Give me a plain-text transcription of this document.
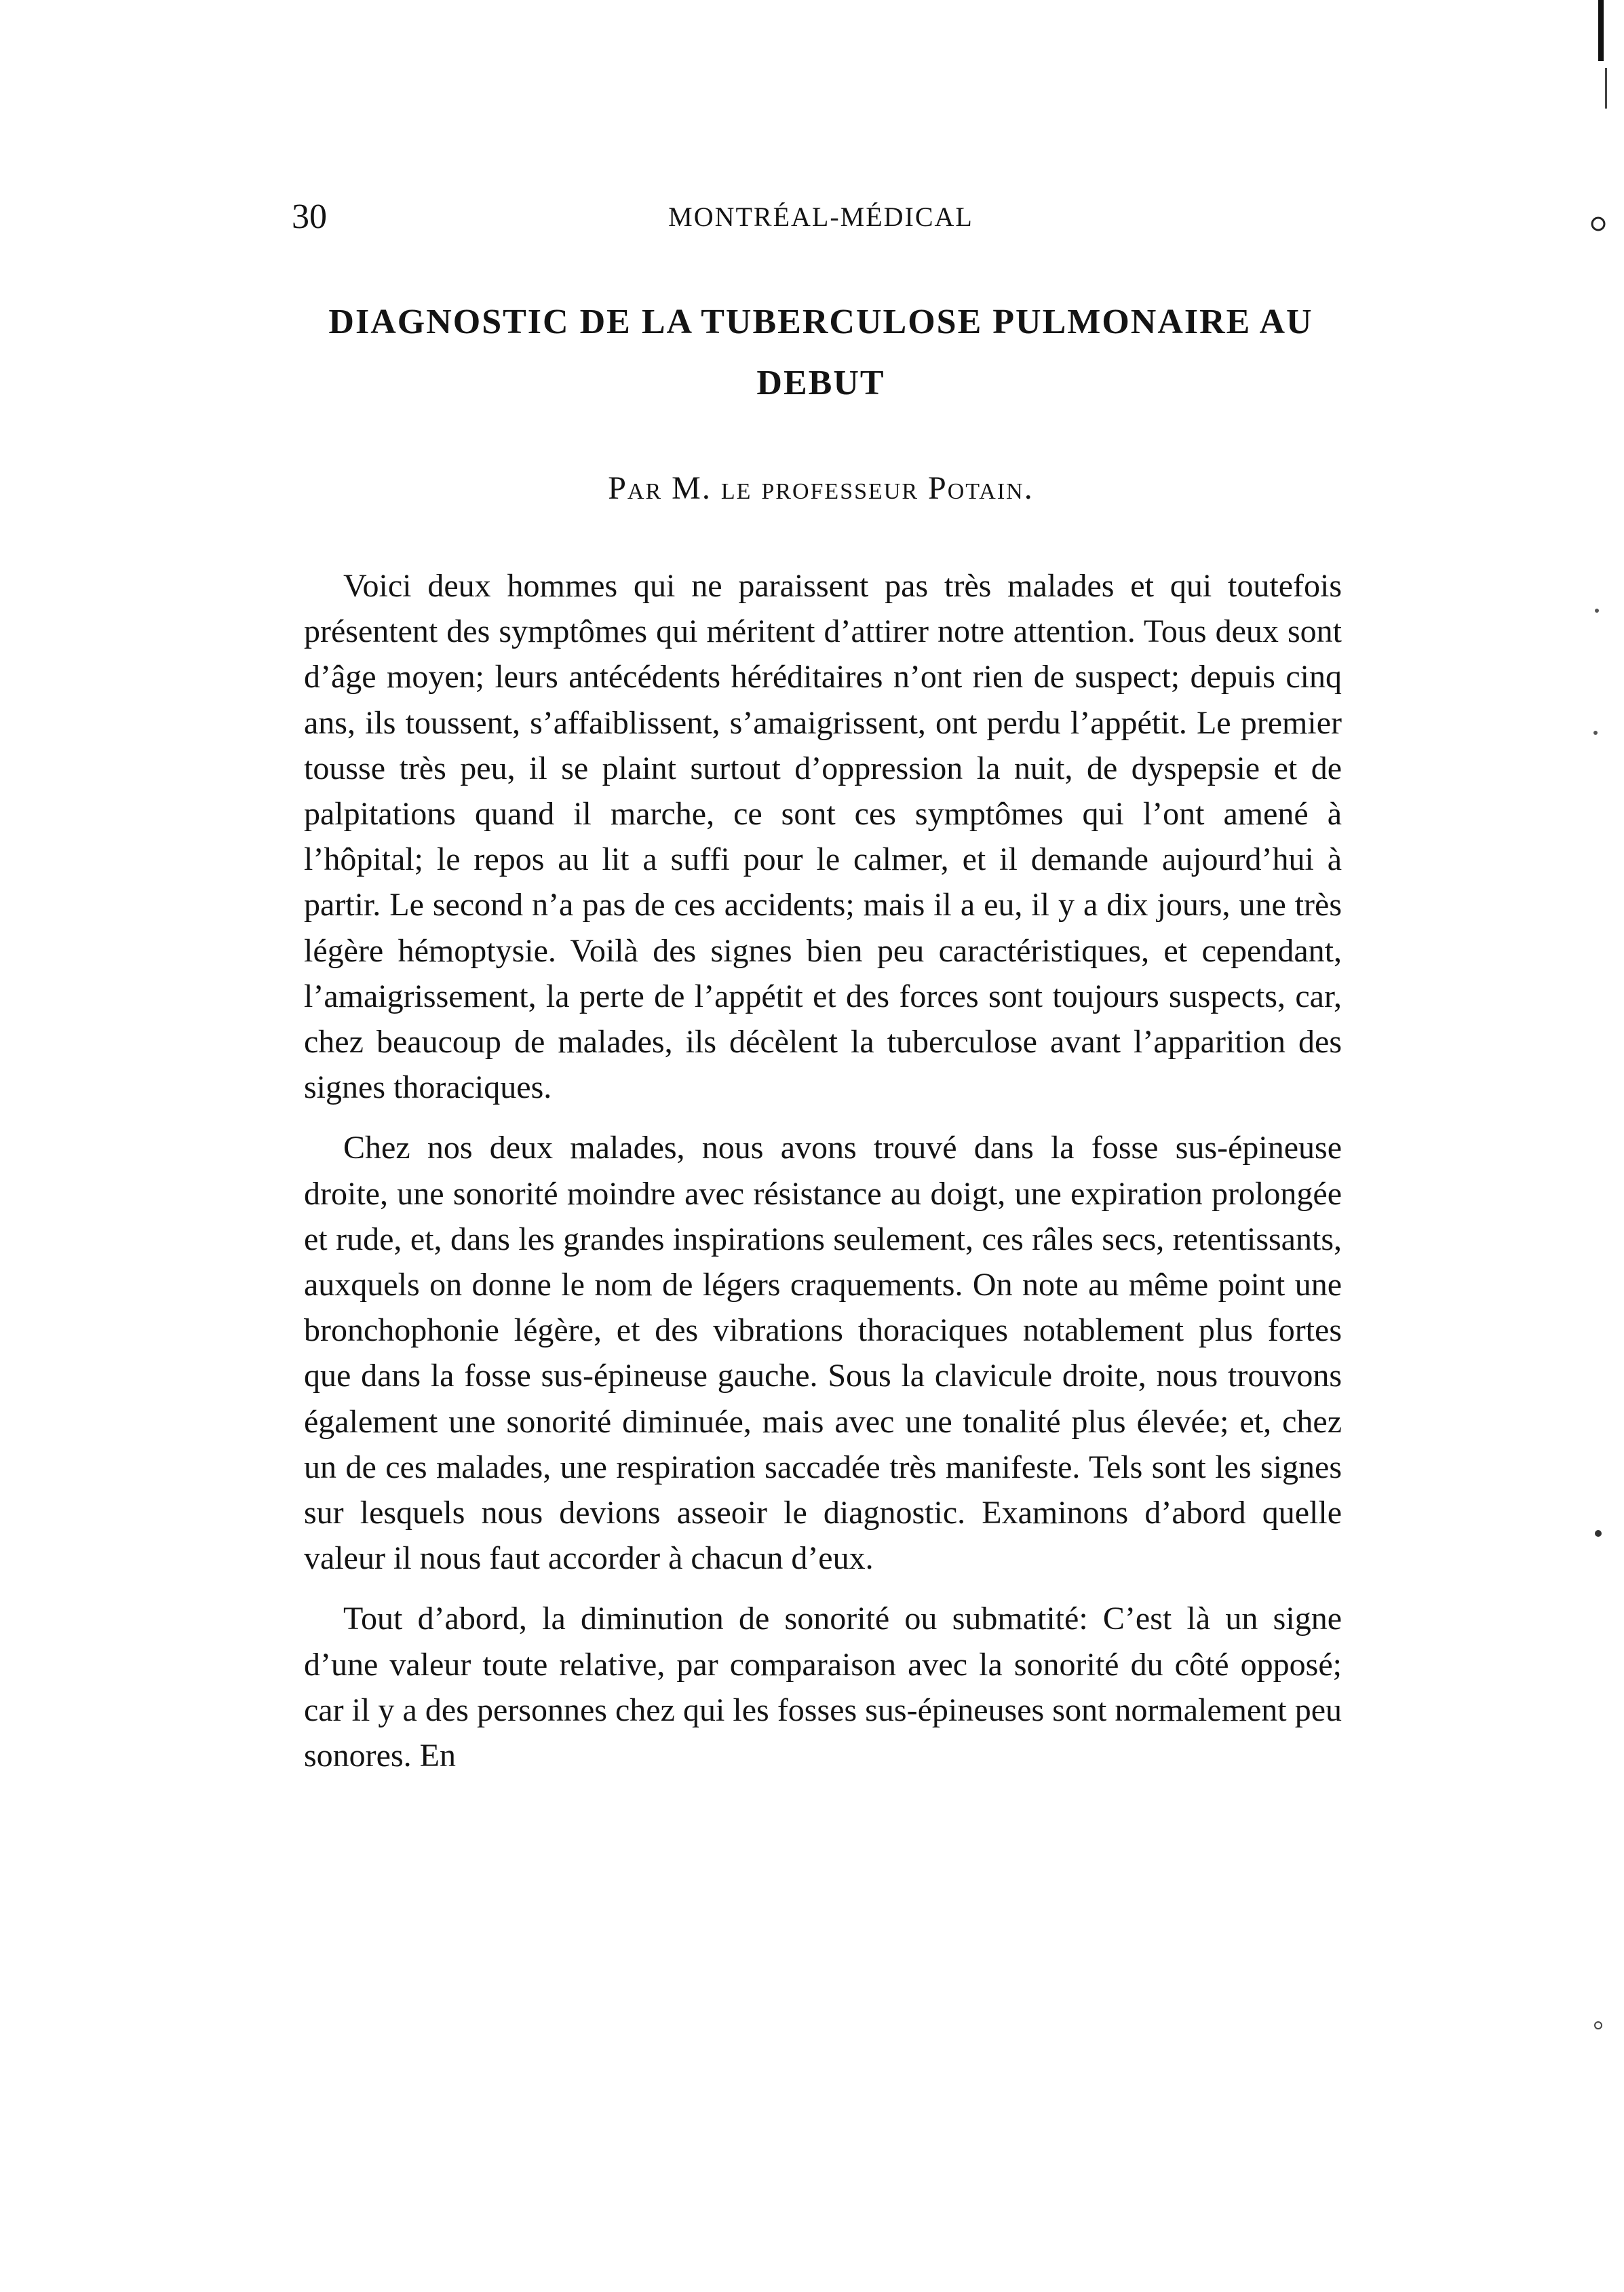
30	MONTRÉAL-MÉDICAL
DIAGNOSTIC DE LA TUBERCULOSE PULMONAIRE AU DEBUT
Par M. le professeur Potain.

Voici deux hommes qui ne paraissent pas très malades et qui toutefois présentent des symptômes qui méritent d’attirer notre attention. Tous deux sont d’âge moyen; leurs antécédents héréditaires n’ont rien de suspect; depuis cinq ans, ils toussent, s’affaiblissent, s’amaigrissent, ont perdu l’appétit. Le premier tousse très peu, il se plaint surtout d’oppression la nuit, de dyspepsie et de palpitations quand il marche, ce sont ces symptômes qui l’ont amené à l’hôpital; le repos au lit a suffi pour le calmer, et il demande aujourd’hui à partir. Le second n’a pas de ces accidents; mais il a eu, il y a dix jours, une très légère hémoptysie. Voilà des signes bien peu caractéristiques, et cependant, l’amaigrissement, la perte de l’appétit et des forces sont toujours suspects, car, chez beaucoup de malades, ils décèlent la tuberculose avant l’apparition des signes thoraciques.

Chez nos deux malades, nous avons trouvé dans la fosse sus-épineuse droite, une sonorité moindre avec résistance au doigt, une expiration prolongée et rude, et, dans les grandes inspirations seulement, ces râles secs, retentissants, auxquels on donne le nom de légers craquements. On note au même point une bronchophonie légère, et des vibrations thoraciques notablement plus fortes que dans la fosse sus-épineuse gauche. Sous la clavicule droite, nous trouvons également une sonorité diminuée, mais avec une tonalité plus élevée; et, chez un de ces malades, une respiration saccadée très manifeste. Tels sont les signes sur lesquels nous devions asseoir le diagnostic. Examinons d’abord quelle valeur il nous faut accorder à chacun d’eux.

Tout d’abord, la diminution de sonorité ou submatité: C’est là un signe d’une valeur toute relative, par comparaison avec la sonorité du côté opposé; car il y a des personnes chez qui les fosses sus-épineuses sont normalement peu sonores. En
